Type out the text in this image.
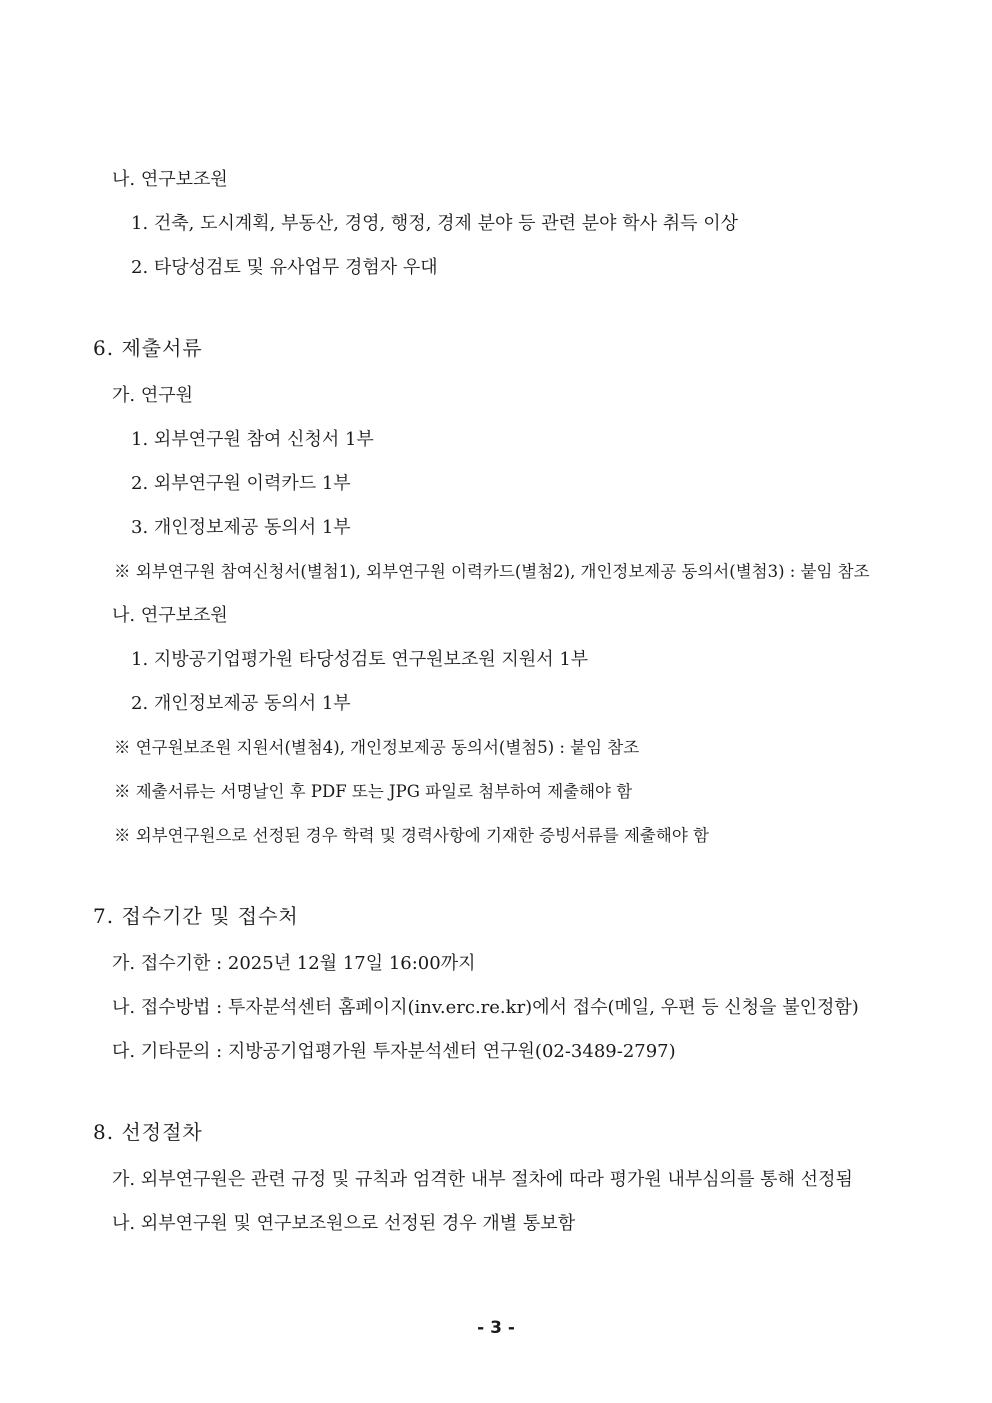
나. 연구보조원
1. 건축, 도시계획, 부동산, 경영, 행정, 경제 분야 등 관련 분야 학사 취득 이상
2. 타당성검토 및 유사업무 경험자 우대
6. 제출서류
가. 연구원
1. 외부연구원 참여 신청서 1부
2. 외부연구원 이력카드 1부
3. 개인정보제공 동의서 1부
※ 외부연구원 참여신청서(별첨1), 외부연구원 이력카드(별첨2), 개인정보제공 동의서(별첨3) : 붙임 참조
나. 연구보조원
1. 지방공기업평가원 타당성검토 연구원보조원 지원서 1부
2. 개인정보제공 동의서 1부
※ 연구원보조원 지원서(별첨4), 개인정보제공 동의서(별첨5) : 붙임 참조
※ 제출서류는 서명날인 후 PDF 또는 JPG 파일로 첨부하여 제출해야 함
※ 외부연구원으로 선정된 경우 학력 및 경력사항에 기재한 증빙서류를 제출해야 함
7. 접수기간 및 접수처
가. 접수기한 : 2025년 12월 17일 16:00까지
나. 접수방법 : 투자분석센터 홈페이지(inv.erc.re.kr)에서 접수(메일, 우편 등 신청을 불인정함)
다. 기타문의 : 지방공기업평가원 투자분석센터 연구원(02-3489-2797)
8. 선정절차
가. 외부연구원은 관련 규정 및 규칙과 엄격한 내부 절차에 따라 평가원 내부심의를 통해 선정됨
나. 외부연구원 및 연구보조원으로 선정된 경우 개별 통보함
- 3 -
